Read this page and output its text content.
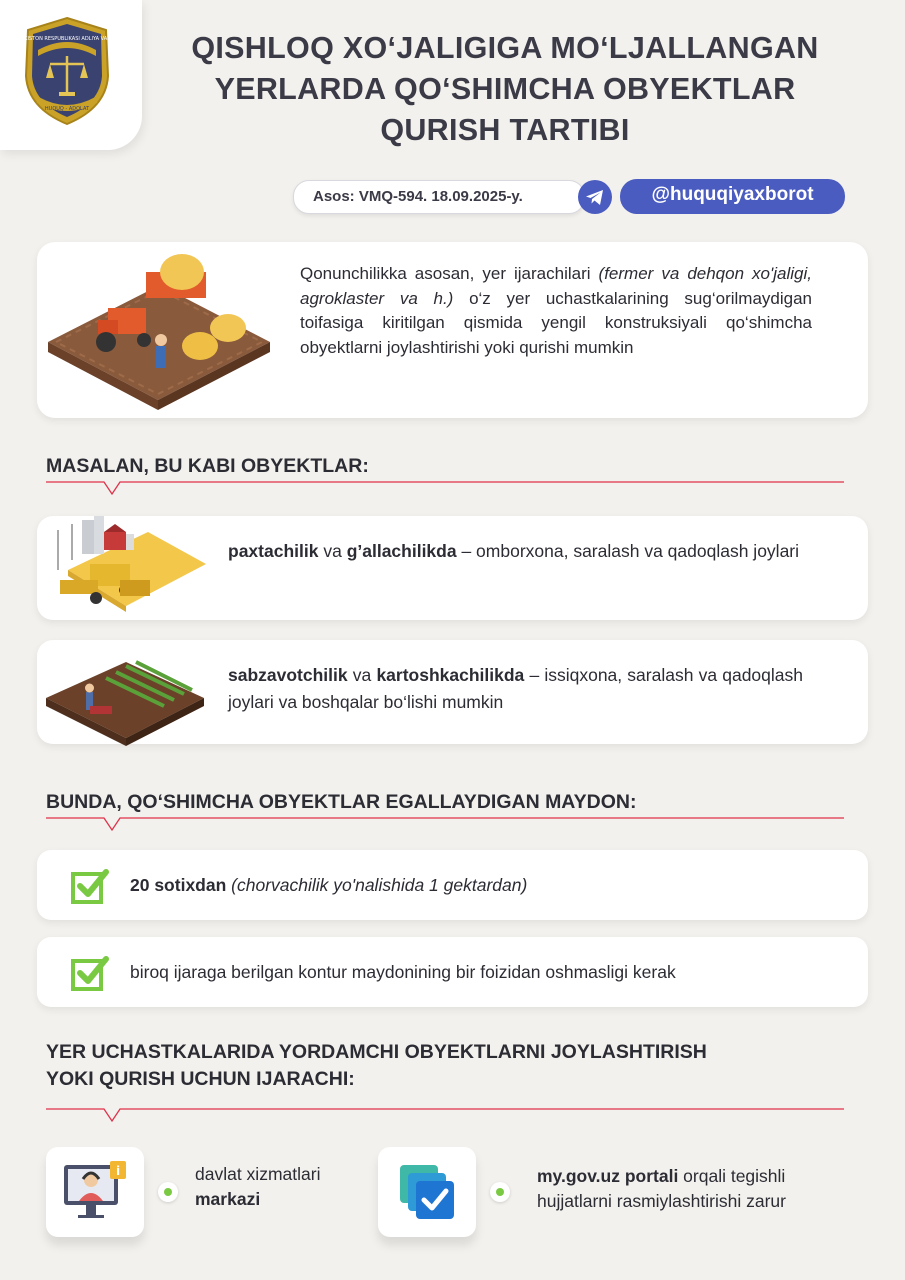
O'ZBEKISTON RESPUBLIKASI ADLIYA VAZIRLIGI
HUQUQ - ADOLAT
QISHLOQ XO‘JALIGIGA MO‘LJALLANGAN
YERLARDA QO‘SHIMCHA OBYEKTLAR
QURISH TARTIBI
Asos: VMQ-594. 18.09.2025-y.	@huquqiyaxborot

Qonunchilikka asosan, yer ijarachilari (fermer va dehqon xo'jaligi, agroklaster va h.) o‘z yer uchastkalarining sug‘orilmaydigan toifasiga kiritilgan qismida yengil konstruksiyali qo‘shimcha obyektlarni joylashtirishi yoki qurishi mumkin

MASALAN, BU KABI OBYEKTLAR:

paxtachilik va g’allachilikda – omborxona, saralash va qadoqlash joylari

sabzavotchilik va kartoshkachilikda – issiqxona, saralash va qadoqlash joylari va boshqalar bo‘lishi mumkin

BUNDA, QO‘SHIMCHA OBYEKTLAR EGALLAYDIGAN MAYDON:

20 sotixdan (chorvachilik yo'nalishida 1 gektardan)

biroq ijaraga berilgan kontur maydonining bir foizidan oshmasligi kerak

YER UCHASTKALARIDA YORDAMCHI OBYEKTLARNI JOYLASHTIRISH
YOKI QURISH UCHUN IJARACHI:

i	davlat xizmatlari
markazi

my.gov.uz portali orqali tegishli hujjatlarni rasmiylashtirishi zarur
